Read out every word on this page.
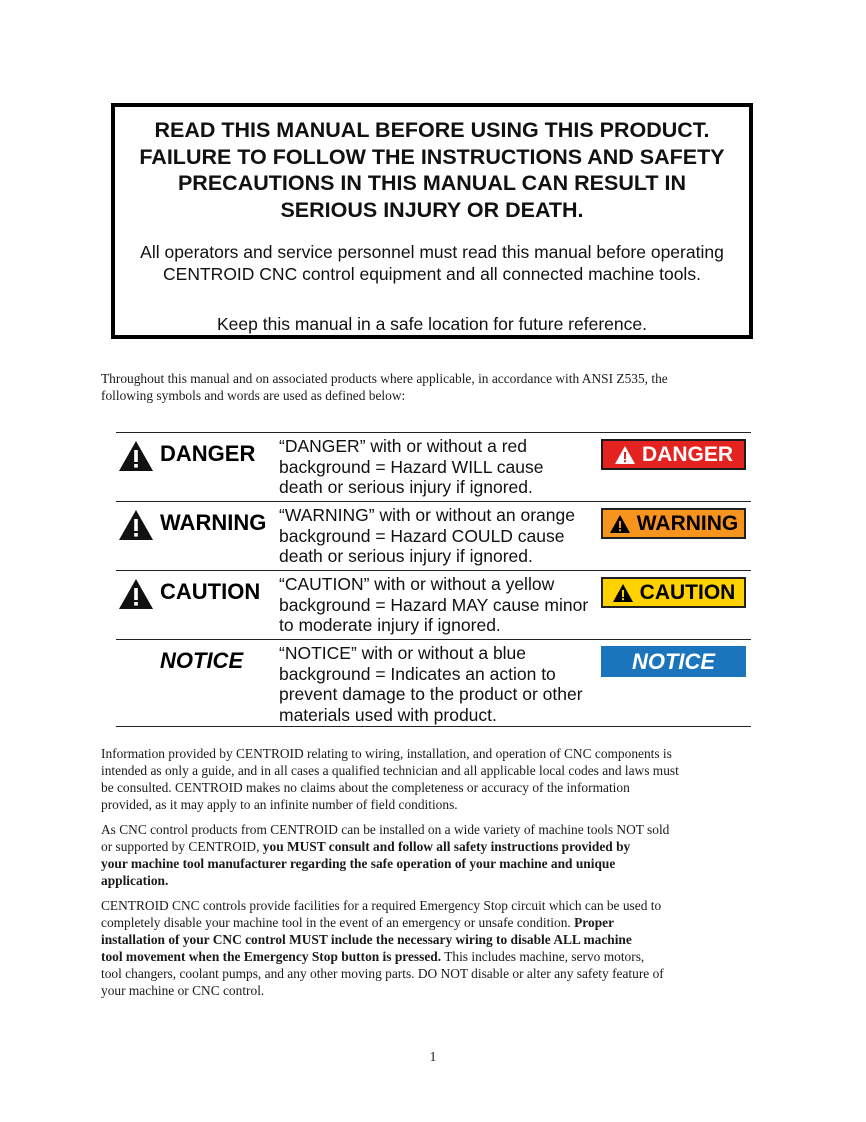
READ THIS MANUAL BEFORE USING THIS PRODUCT.
FAILURE TO FOLLOW THE INSTRUCTIONS AND SAFETY
PRECAUTIONS IN THIS MANUAL CAN RESULT IN
SERIOUS INJURY OR DEATH.
All operators and service personnel must read this manual before operating
CENTROID CNC control equipment and all connected machine tools.
Keep this manual in a safe location for future reference.
Throughout this manual and on associated products where applicable, in accordance with ANSI Z535, the
following symbols and words are used as defined below:
DANGER “DANGER” with or without a red
background = Hazard WILL cause
death or serious injury if ignored.
DANGER
WARNING “WARNING” with or without an orange
background = Hazard COULD cause
death or serious injury if ignored.
WARNING
CAUTION “CAUTION” with or without a yellow
background = Hazard MAY cause minor
to moderate injury if ignored.
CAUTION
NOTICE “NOTICE” with or without a blue
background = Indicates an action to
prevent damage to the product or other
materials used with product.
NOTICE
Information provided by CENTROID relating to wiring, installation, and operation of CNC components is
intended as only a guide, and in all cases a qualified technician and all applicable local codes and laws must
be consulted. CENTROID makes no claims about the completeness or accuracy of the information
provided, as it may apply to an infinite number of field conditions.
As CNC control products from CENTROID can be installed on a wide variety of machine tools NOT sold
or supported by CENTROID, you MUST consult and follow all safety instructions provided by
your machine tool manufacturer regarding the safe operation of your machine and unique
application.
CENTROID CNC controls provide facilities for a required Emergency Stop circuit which can be used to
completely disable your machine tool in the event of an emergency or unsafe condition. Proper
installation of your CNC control MUST include the necessary wiring to disable ALL machine
tool movement when the Emergency Stop button is pressed. This includes machine, servo motors,
tool changers, coolant pumps, and any other moving parts. DO NOT disable or alter any safety feature of
your machine or CNC control.
1
